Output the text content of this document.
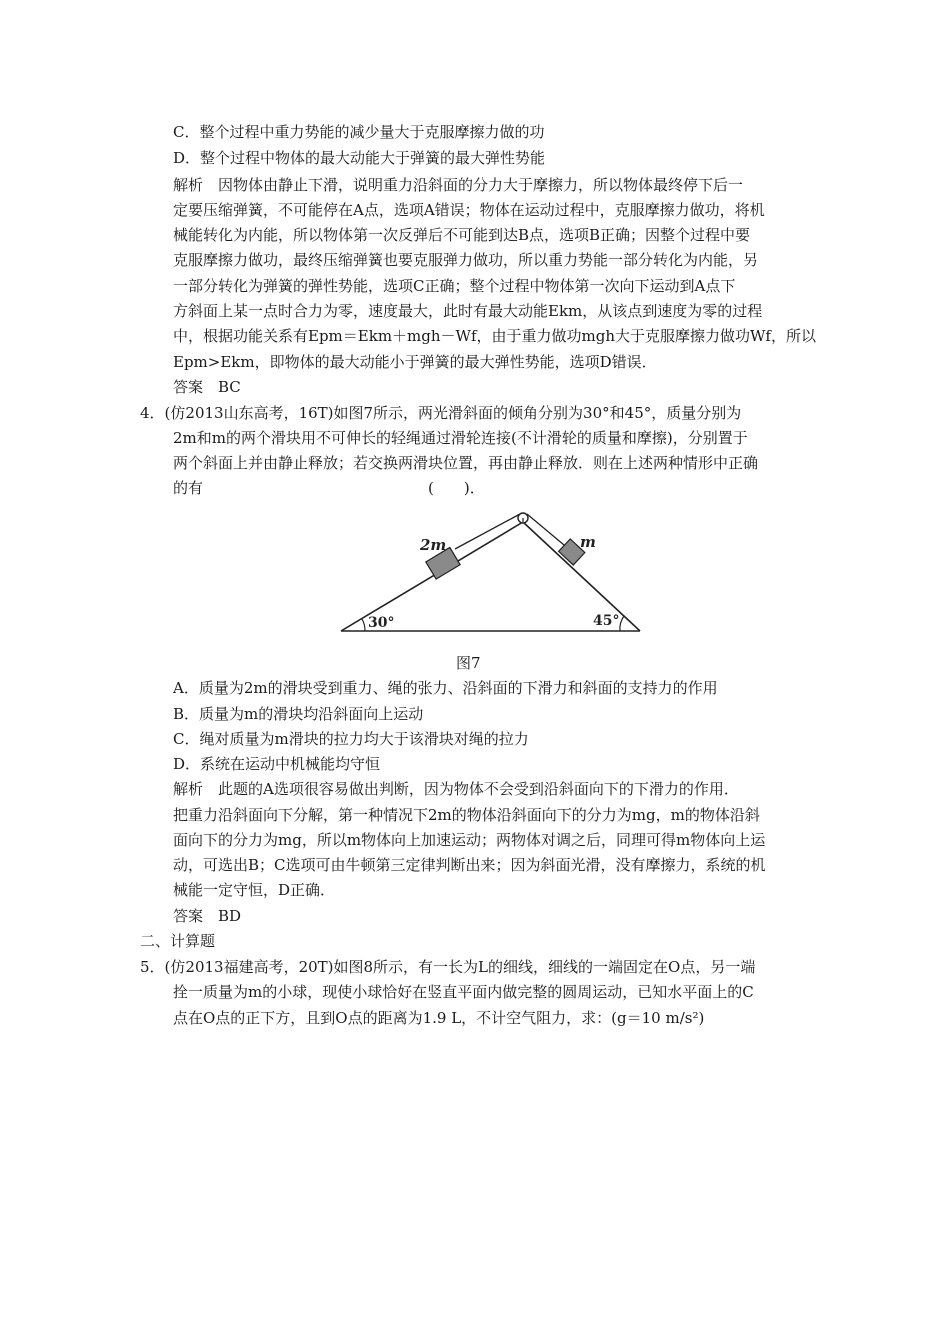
C．整个过程中重力势能的减少量大于克服摩擦力做的功
D．整个过程中物体的最大动能大于弹簧的最大弹性势能
解析　因物体由静止下滑，说明重力沿斜面的分力大于摩擦力，所以物体最终停下后一
定要压缩弹簧，不可能停在A点，选项A错误；物体在运动过程中，克服摩擦力做功，将机
械能转化为内能，所以物体第一次反弹后不可能到达B点，选项B正确；因整个过程中要
克服摩擦力做功，最终压缩弹簧也要克服弹力做功，所以重力势能一部分转化为内能，另
一部分转化为弹簧的弹性势能，选项C正确；整个过程中物体第一次向下运动到A点下
方斜面上某一点时合力为零，速度最大，此时有最大动能Ekm，从该点到速度为零的过程
中，根据功能关系有Epm＝Ekm＋mgh－Wf，由于重力做功mgh大于克服摩擦力做功Wf，所以
Epm>Ekm，即物体的最大动能小于弹簧的最大弹性势能，选项D错误．
答案　BC
4．(仿2013山东高考，16T)如图7所示，两光滑斜面的倾角分别为30°和45°，质量分别为
2m和m的两个滑块用不可伸长的轻绳通过滑轮连接(不计滑轮的质量和摩擦)，分别置于
两个斜面上并由静止释放；若交换两滑块位置，再由静止释放．则在上述两种情形中正确
的有　　　　　　　　　　　　　　　(　　)．
2m	m
30°	45°
图7
A．质量为2m的滑块受到重力、绳的张力、沿斜面的下滑力和斜面的支持力的作用
B．质量为m的滑块均沿斜面向上运动
C．绳对质量为m滑块的拉力均大于该滑块对绳的拉力
D．系统在运动中机械能均守恒
解析　此题的A选项很容易做出判断，因为物体不会受到沿斜面向下的下滑力的作用．
把重力沿斜面向下分解，第一种情况下2m的物体沿斜面向下的分力为mg，m的物体沿斜
面向下的分力为mg，所以m物体向上加速运动；两物体对调之后，同理可得m物体向上运
动，可选出B；C选项可由牛顿第三定律判断出来；因为斜面光滑，没有摩擦力，系统的机
械能一定守恒，D正确．
答案　BD
二、计算题
5．(仿2013福建高考，20T)如图8所示，有一长为L的细线，细线的一端固定在O点，另一端
拴一质量为m的小球，现使小球恰好在竖直平面内做完整的圆周运动，已知水平面上的C
点在O点的正下方，且到O点的距离为1.9 L，不计空气阻力，求：(g＝10 m/s²)
